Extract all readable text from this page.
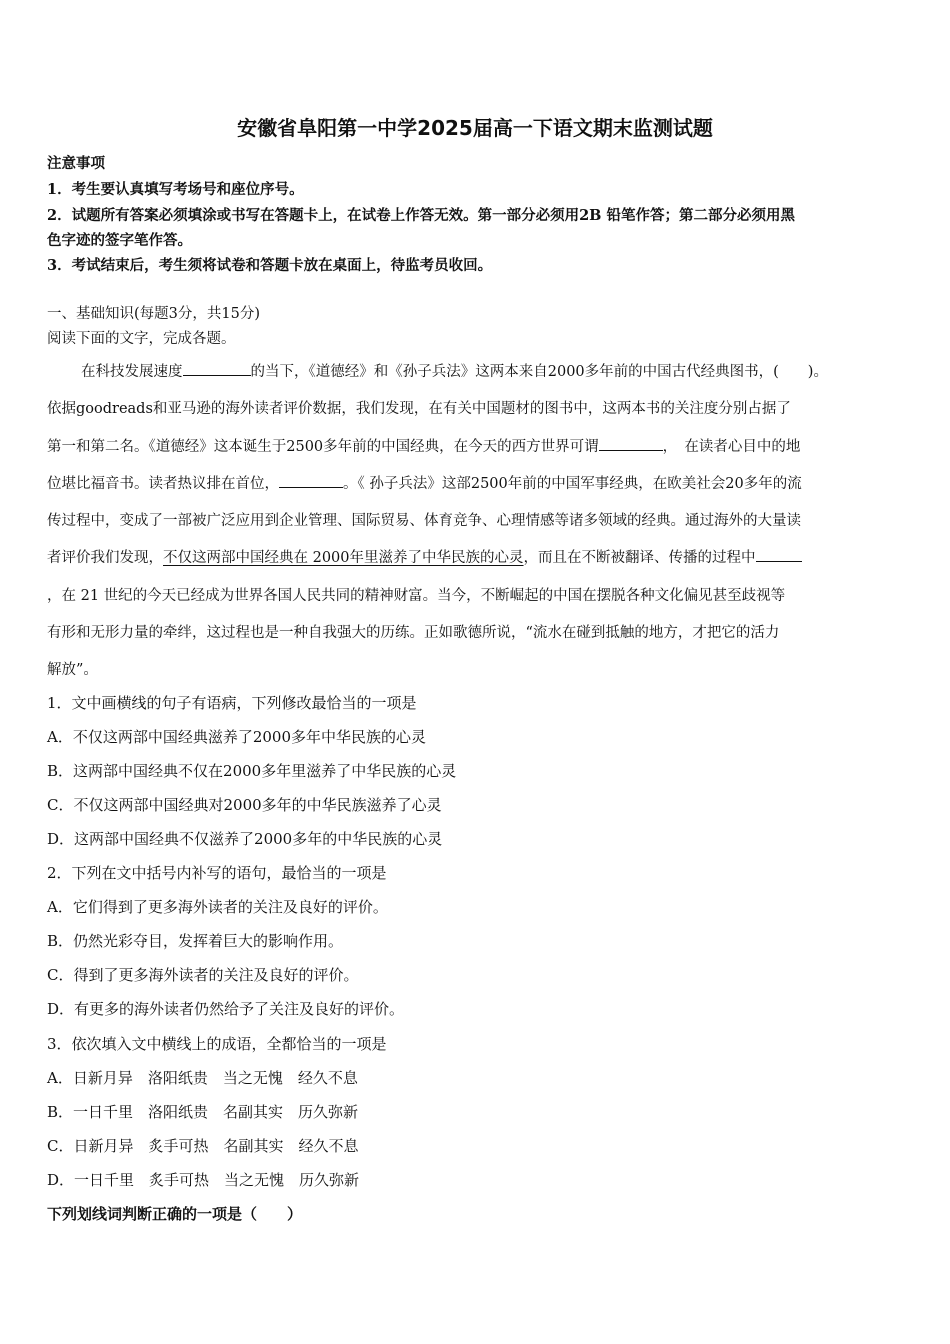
安徽省阜阳第一中学2025届高一下语文期末监测试题
注意事项
1．考生要认真填写考场号和座位序号。
2．试题所有答案必须填涂或书写在答题卡上，在试卷上作答无效。第一部分必须用2B 铅笔作答；第二部分必须用黑
色字迹的签字笔作答。
3．考试结束后，考生须将试卷和答题卡放在桌面上，待监考员收回。
一、基础知识(每题3分，共15分)
阅读下面的文字，完成各题。
在科技发展速度	的当下，《道德经》和《孙子兵法》这两本来自2000多年前的中国古代经典图书，(　　)。
依据goodreads和亚马逊的海外读者评价数据，我们发现，在有关中国题材的图书中，这两本书的关注度分别占据了
第一和第二名。《道德经》这本诞生于2500多年前的中国经典，在今天的西方世界可谓	，　在读者心目中的地
位堪比福音书。读者热议排在首位，	。《 孙子兵法》这部2500年前的中国军事经典，在欧美社会20多年的流
传过程中，变成了一部被广泛应用到企业管理、国际贸易、体育竞争、心理情感等诸多领域的经典。通过海外的大量读
者评价我们发现，不仅这两部中国经典在 2000年里滋养了中华民族的心灵，而且在不断被翻译、传播的过程中
，在 21 世纪的今天已经成为世界各国人民共同的精神财富。当今，不断崛起的中国在摆脱各种文化偏见甚至歧视等
有形和无形力量的牵绊，这过程也是一种自我强大的历练。正如歌德所说，“流水在碰到抵触的地方，才把它的活力
解放”。
1．文中画横线的句子有语病，下列修改最恰当的一项是
A．不仅这两部中国经典滋养了2000多年中华民族的心灵
B．这两部中国经典不仅在2000多年里滋养了中华民族的心灵
C．不仅这两部中国经典对2000多年的中华民族滋养了心灵
D．这两部中国经典不仅滋养了2000多年的中华民族的心灵
2．下列在文中括号内补写的语句，最恰当的一项是
A．它们得到了更多海外读者的关注及良好的评价。
B．仍然光彩夺目，发挥着巨大的影响作用。
C．得到了更多海外读者的关注及良好的评价。
D．有更多的海外读者仍然给予了关注及良好的评价。
3．依次填入文中横线上的成语，全都恰当的一项是
A．日新月异　洛阳纸贵　当之无愧　经久不息
B．一日千里　洛阳纸贵　名副其实　历久弥新
C．日新月异　炙手可热　名副其实　经久不息
D．一日千里　炙手可热　当之无愧　历久弥新
下列划线词判断正确的一项是（　　）
